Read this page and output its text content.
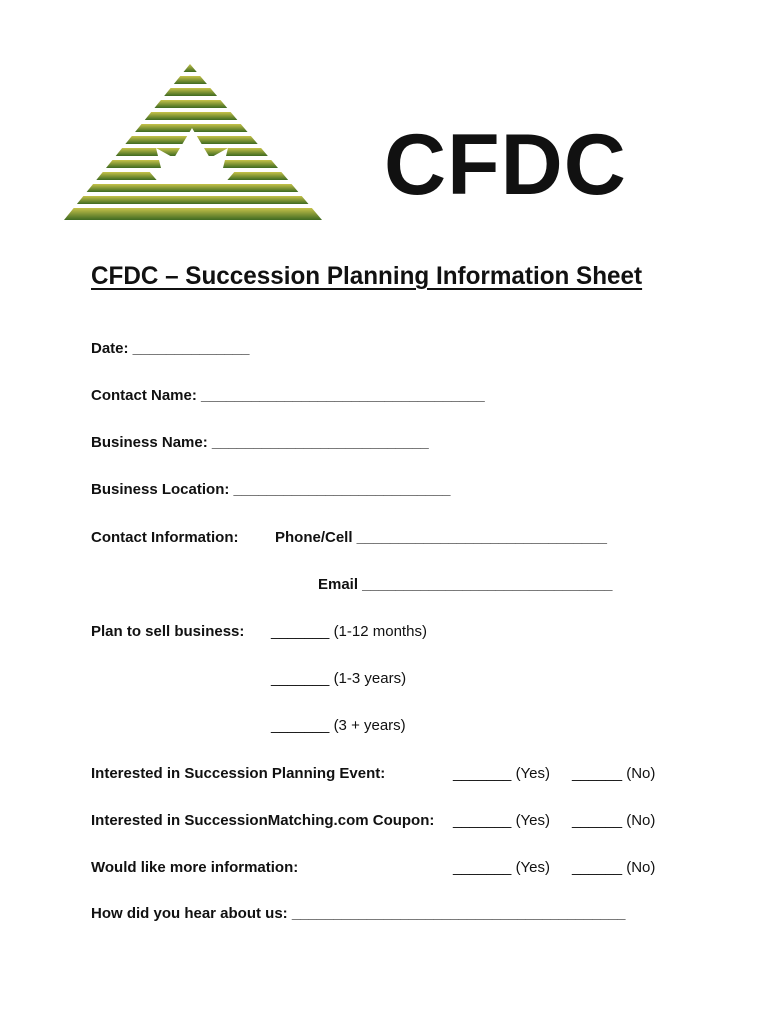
CFDC
CFDC – Succession Planning Information Sheet
Date: ______________
Contact Name: __________________________________
Business Name: __________________________
Business Location: __________________________
Contact Information: Phone/Cell ______________________________
Email ______________________________
Plan to sell business: _______ (1-12 months)
_______ (1-3 years)
_______ (3 + years)
Interested in Succession Planning Event:	_______ (Yes) ______ (No)
Interested in SuccessionMatching.com Coupon: _______ (Yes) ______ (No)
Would like more information:	_______ (Yes) ______ (No)
How did you hear about us: ________________________________________
